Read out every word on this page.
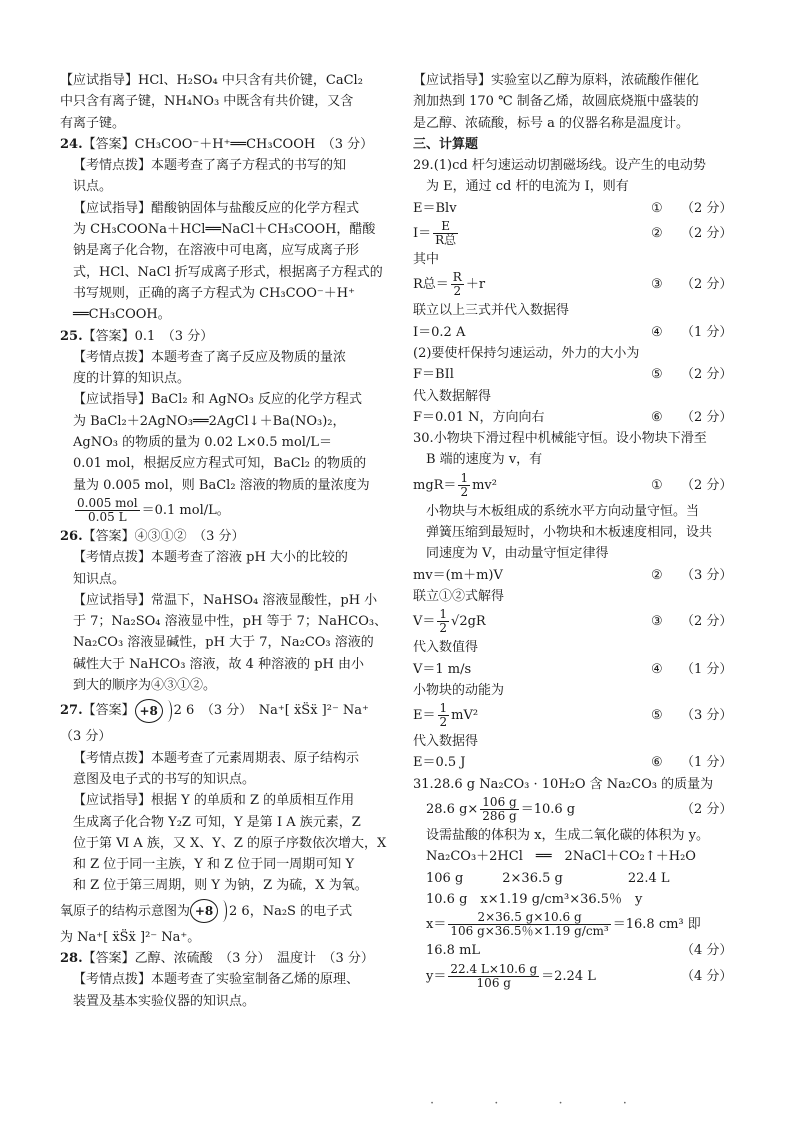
【应试指导】HCl、H₂SO₄ 中只含有共价键，CaCl₂
中只含有离子键，NH₄NO₃ 中既含有共价键，又含
有离子键。
24.【答案】CH₃COO⁻＋H⁺══CH₃COOH　（3 分）
【考情点拨】本题考查了离子方程式的书写的知
识点。
【应试指导】醋酸钠固体与盐酸反应的化学方程式
为 CH₃COONa＋HCl══NaCl＋CH₃COOH，醋酸
钠是离子化合物，在溶液中可电离，应写成离子形
式，HCl、NaCl 折写成离子形式，根据离子方程式的
书写规则，正确的离子方程式为 CH₃COO⁻＋H⁺
══CH₃COOH。
25.【答案】0.1　（3 分）
【考情点拨】本题考查了离子反应及物质的量浓
度的计算的知识点。
【应试指导】BaCl₂ 和 AgNO₃ 反应的化学方程式
为 BaCl₂＋2AgNO₃══2AgCl↓＋Ba(NO₃)₂，
AgNO₃ 的物质的量为 0.02 L×0.5 mol/L＝
0.01 mol，根据反应方程式可知，BaCl₂ 的物质的
量为 0.005 mol，则 BaCl₂ 溶液的物质的量浓度为
$\frac{\text{0.005 mol}}{0.05 L} =0.1$ mol/L。
26.【答案】④③①②　（3 分）
【考情点拨】本题考查了溶液 pH 大小的比较的
知识点。
【应试指导】常温下，NaHSO₄ 溶液显酸性，pH 小
于 7；Na₂SO₄ 溶液显中性，pH 等于 7；NaHCO₃、
Na₂CO₃ 溶液显碱性，pH 大于 7，Na₂CO₃ 溶液的
碱性大于 NaHCO₃ 溶液，故 4 种溶液的 pH 由小
到大的顺序为④③①②。
27.【答案】 +8 2 6　 （3 分）　 Na⁺[ ẍS̈ẍ ]²⁻ Na⁺
（3 分）
【考情点拨】本题考查了元素周期表、原子结构示
意图及电子式的书写的知识点。
【应试指导】根据 Y 的单质和 Z 的单质相互作用
生成离子化合物 Y₂Z 可知，Y 是第 Ⅰ A 族元素，Z
位于第 Ⅵ A 族，又 X、Y、Z 的原子序数依次增大，X
和 Z 位于同一主族，Y 和 Z 位于同一周期可知 Y
和 Z 位于第三周期，则 Y 为钠，Z 为硫，X 为氧。
氧原子的结构示意图为 +8 2 6，Na₂S 的电子式
为 Na⁺[ ẍS̈ẍ ]²⁻ Na⁺。
28.【答案】乙醇、浓硫酸　（3 分）　温度计　（3 分）
【考情点拨】本题考查了实验室制备乙烯的原理、
装置及基本实验仪器的知识点。
【应试指导】实验室以乙醇为原料，浓硫酸作催化
剂加热到 170 ℃ 制备乙烯，故圆底烧瓶中盛装的
是乙醇、浓硫酸，标号 a 的仪器名称是温度计。
三、计算题
29.(1)cd 杆匀速运动切割磁场线。设产生的电动势
为 E，通过 cd 杆的电流为 I，则有
E＝Blv	① （2 分）
$I= \frac{E}{\text{R总}}$	② （2 分）
其中
R总＝ $\frac{R}{2} +r$	③ （2 分）
联立以上三式并代入数据得
I＝0.2 A	④ （1 分）
(2)要使杆保持匀速运动，外力的大小为
F＝BIl	⑤ （2 分）
代入数据解得
F＝0.01 N，方向向右	⑥ （2 分）
30.小物块下滑过程中机械能守恒。设小物块下滑至
B 端的速度为 v，有
$mgR= \frac{1}{2} mv^2$	① （2 分）
小物块与木板组成的系统水平方向动量守恒。当
弹簧压缩到最短时，小物块和木板速度相同，设共
同速度为 V，由动量守恒定律得
mv＝(m＋m)V	② （3 分）
联立①②式解得
$V= \frac{1}{2} √2gR$	③ （2 分）
代入数值得
V＝1 m/s	④ （1 分）
小物块的动能为
$E= \frac{1}{2} mV^2$	⑤ （3 分）
代入数据得
E＝0.5 J	⑥ （1 分）
31.28.6 g Na₂CO₃ · 10H₂O 含 Na₂CO₃ 的质量为
28.6 $g\times \frac{106 g}{286 g} =10.6$ g	（2 分）
设需盐酸的体积为 x，生成二氧化碳的体积为 y。
Na₂CO₃＋2HCl　══　2NaCl＋CO₂↑＋H₂O
106 g　　　2×36.5 g　　　　　22.4 L
10.6 g　x×1.19 g/cm³×36.5％　y
$x= \frac{2\times 36.5 g\times 10.6 g}{\text{106 g×36.5％×1.19 g/cm³}} =16.8$ cm³ 即
16.8 mL	（4 分）
$y= \frac{22.4 L\times 10.6 g}{106 g} =2.24$ L	（4 分）
· · · ·
